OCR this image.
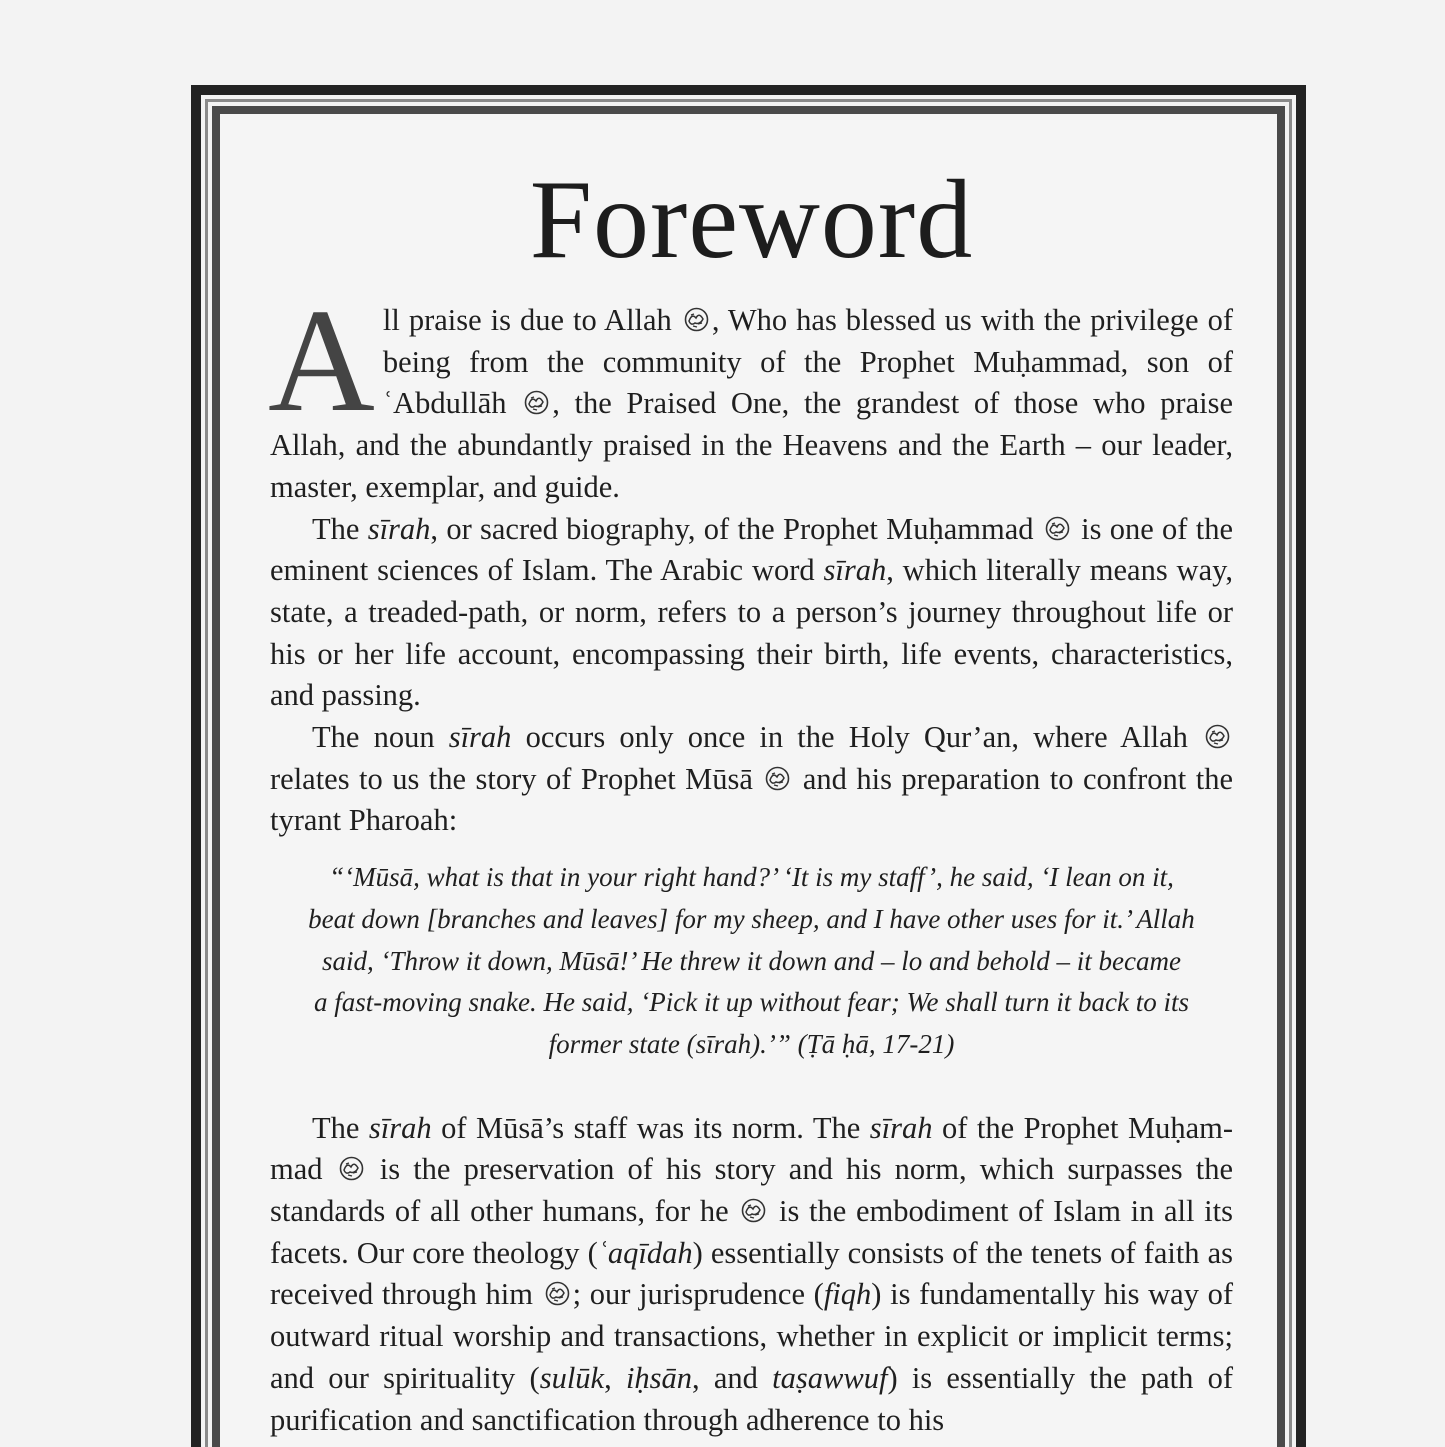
Foreword

All praise is due to Allah , Who has blessed us with the privilege of being from the community of the Prophet Muḥammad, son of ʿAbdullāh , the Praised One, the grandest of those who praise Allah, and the abundantly praised in the Heavens and the Earth – our leader, master, exemplar, and guide.

The sīrah, or sacred biography, of the Prophet Muḥammad  is one of the eminent sciences of Islam. The Arabic word sīrah, which literally means way, state, a treaded-path, or norm, refers to a person’s journey throughout life or his or her life account, encompassing their birth, life events, characteristics, and passing.

The noun sīrah occurs only once in the Holy Qur’an, where Allah  relates to us the story of Prophet Mūsā  and his preparation to confront the tyrant Pharoah:

“‘Mūsā, what is that in your right hand?’ ‘It is my staff’, he said, ‘I lean on it,
beat down [branches and leaves] for my sheep, and I have other uses for it.’ Allah
said, ‘Throw it down, Mūsā!’ He threw it down and – lo and behold – it became
a fast-moving snake. He said, ‘Pick it up without fear; We shall turn it back to its
former state (sīrah).’” (Ṭā ḥā, 17-21)

The sīrah of Mūsā’s staff was its norm. The sīrah of the Prophet Muḥammad  is the preservation of his story and his norm, which surpasses the standards of all other humans, for he  is the embodiment of Islam in all its facets. Our core theology (ʿaqīdah) essentially consists of the tenets of faith as received through him ; our jurisprudence (fiqh) is fundamentally his way of outward ritual worship and transactions, whether in explicit or implicit terms; and our spirituality (sulūk, iḥsān, and taṣawwuf) is essentially the path of purification and sanctification through adherence to his
